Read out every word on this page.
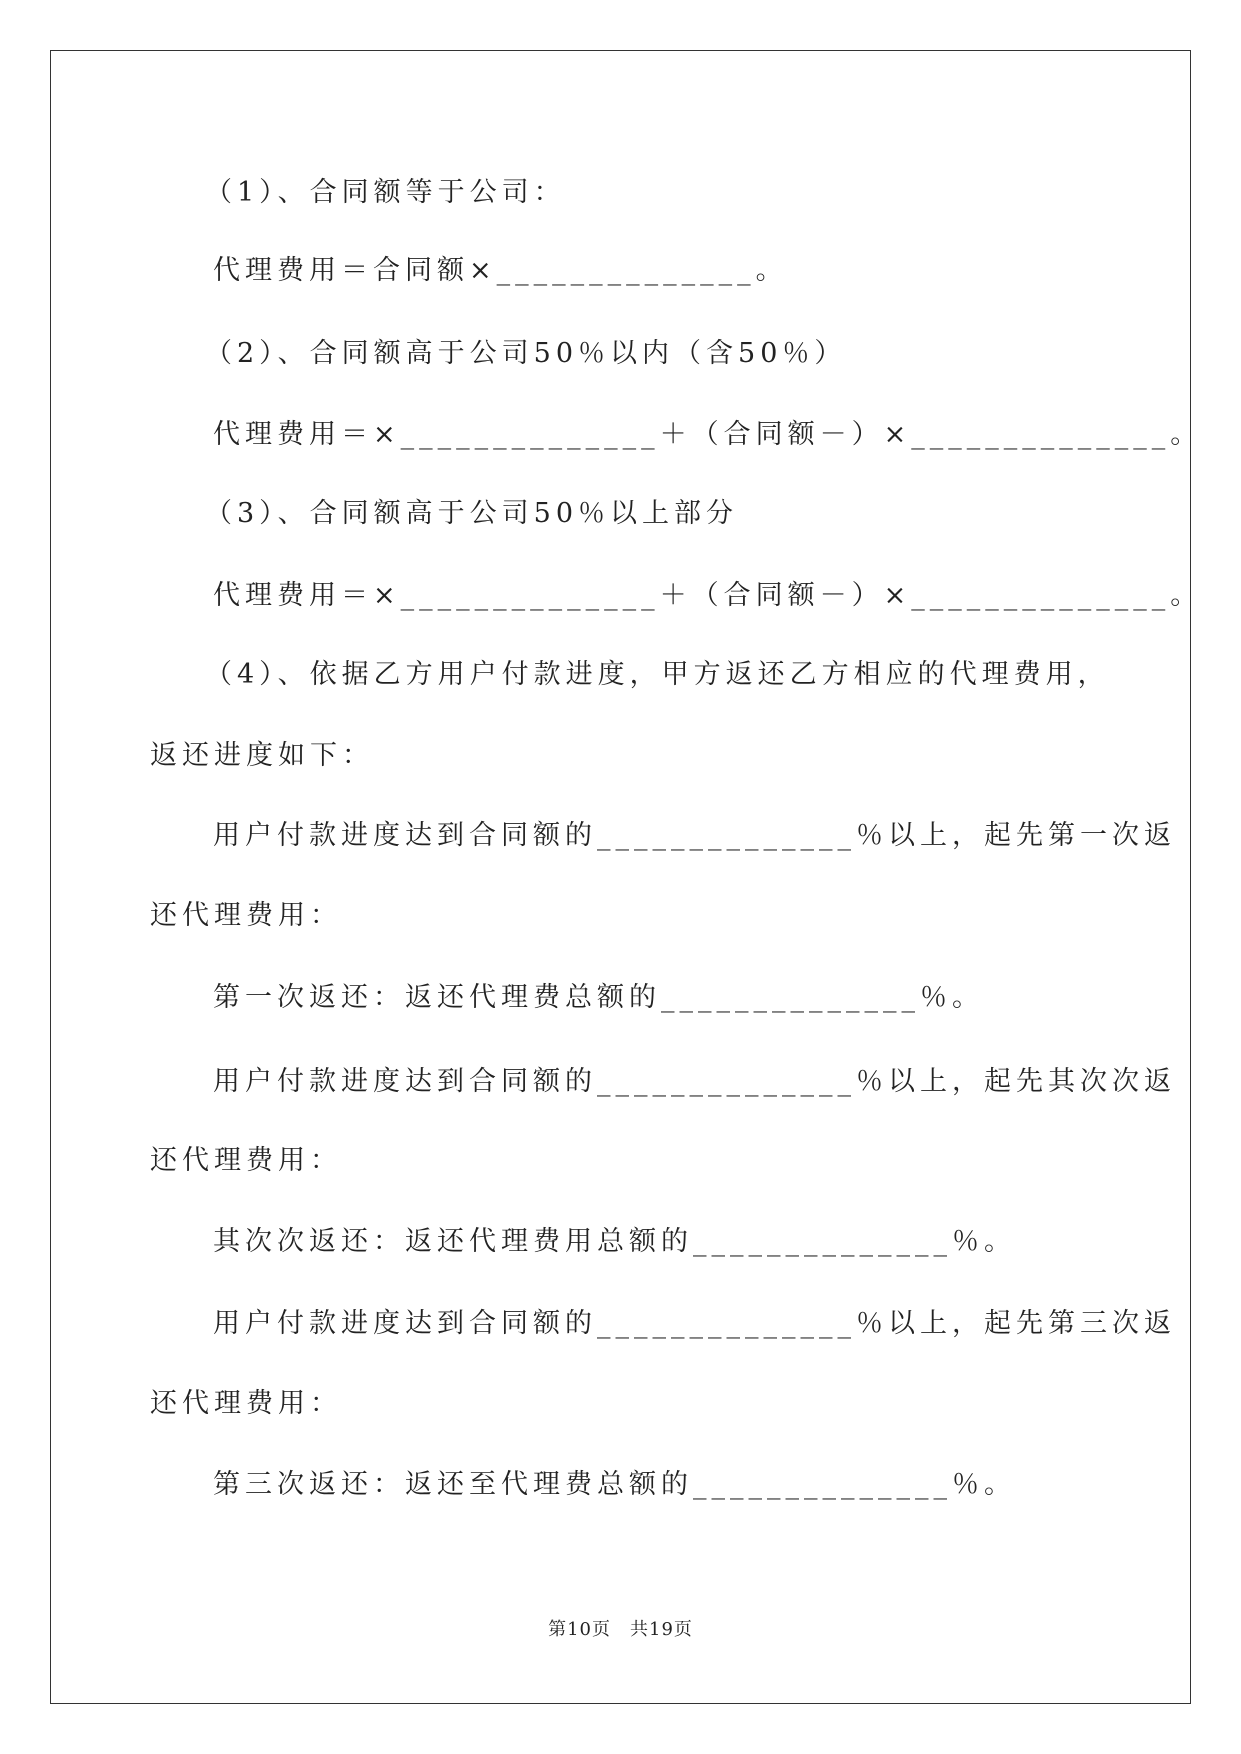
（1）、合同额等于公司：
代理费用＝合同额×______________。
（2）、合同额高于公司50％以内（含50％）
代理费用＝×______________＋（合同额－）×______________。
（3）、合同额高于公司50％以上部分
代理费用＝×______________＋（合同额－）×______________。
（4）、依据乙方用户付款进度，甲方返还乙方相应的代理费用，
返还进度如下：
用户付款进度达到合同额的______________％以上，起先第一次返
还代理费用：
第一次返还：返还代理费总额的______________％。
用户付款进度达到合同额的______________％以上，起先其次次返
还代理费用：
其次次返还：返还代理费用总额的______________％。
用户付款进度达到合同额的______________％以上，起先第三次返
还代理费用：
第三次返还：返还至代理费总额的______________％。
第10页　共19页
